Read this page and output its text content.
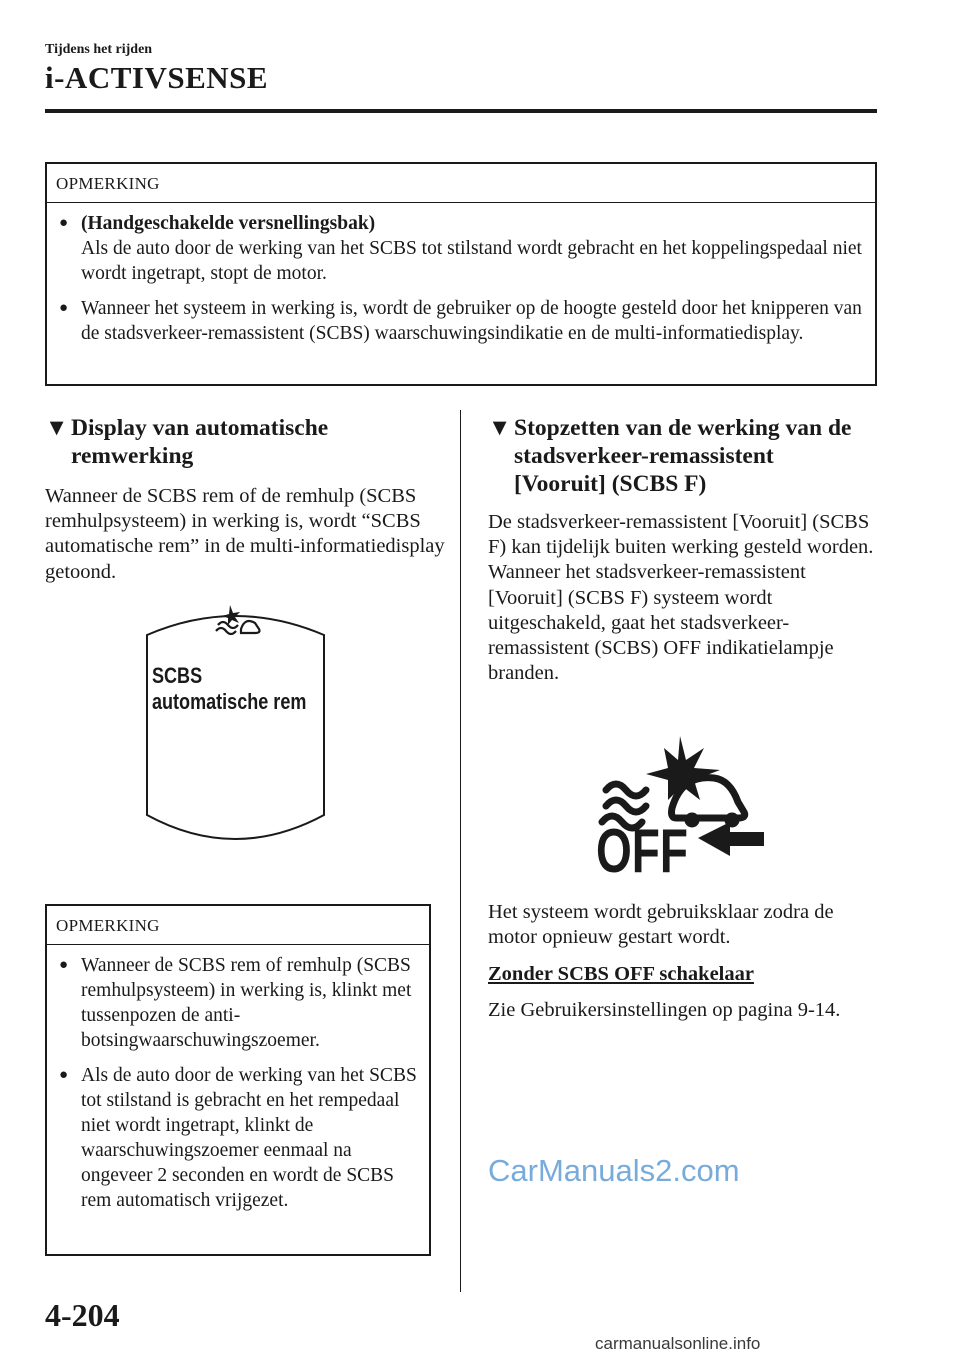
Tijdens het rijden
i-ACTIVSENSE
OPMERKING
● (Handgeschakelde versnellingsbak)
Als de auto door de werking van het SCBS tot stilstand wordt gebracht en het koppelingspedaal niet wordt ingetrapt, stopt de motor.
● Wanneer het systeem in werking is, wordt de gebruiker op de hoogte gesteld door het knipperen van de stadsverkeer-remassistent (SCBS) waarschuwingsindikatie en de multi-informatiedisplay.
▼ Display van automatische
remwerking
Wanneer de SCBS rem of de remhulp (SCBS remhulpsysteem) in werking is, wordt “SCBS automatische rem” in de multi-informatiedisplay getoond.
SCBS
automatische rem
OPMERKING
● Wanneer de SCBS rem of remhulp (SCBS remhulpsysteem) in werking is, klinkt met tussenpozen de anti-botsingwaarschuwingszoemer.
● Als de auto door de werking van het SCBS tot stilstand is gebracht en het rempedaal niet wordt ingetrapt, klinkt de waarschuwingszoemer eenmaal na ongeveer 2 seconden en wordt de SCBS rem automatisch vrijgezet.
▼ Stopzetten van de werking van de
stadsverkeer-remassistent
[Vooruit] (SCBS F)
De stadsverkeer-remassistent [Vooruit] (SCBS F) kan tijdelijk buiten werking gesteld worden.
Wanneer het stadsverkeer-remassistent [Vooruit] (SCBS F) systeem wordt uitgeschakeld, gaat het stadsverkeer-remassistent (SCBS) OFF indikatielampje branden.
OFF
Het systeem wordt gebruiksklaar zodra de motor opnieuw gestart wordt.
Zonder SCBS OFF schakelaar
Zie Gebruikersinstellingen op pagina 9-14.
CarManuals2.com
4-204
carmanualsonline.info
